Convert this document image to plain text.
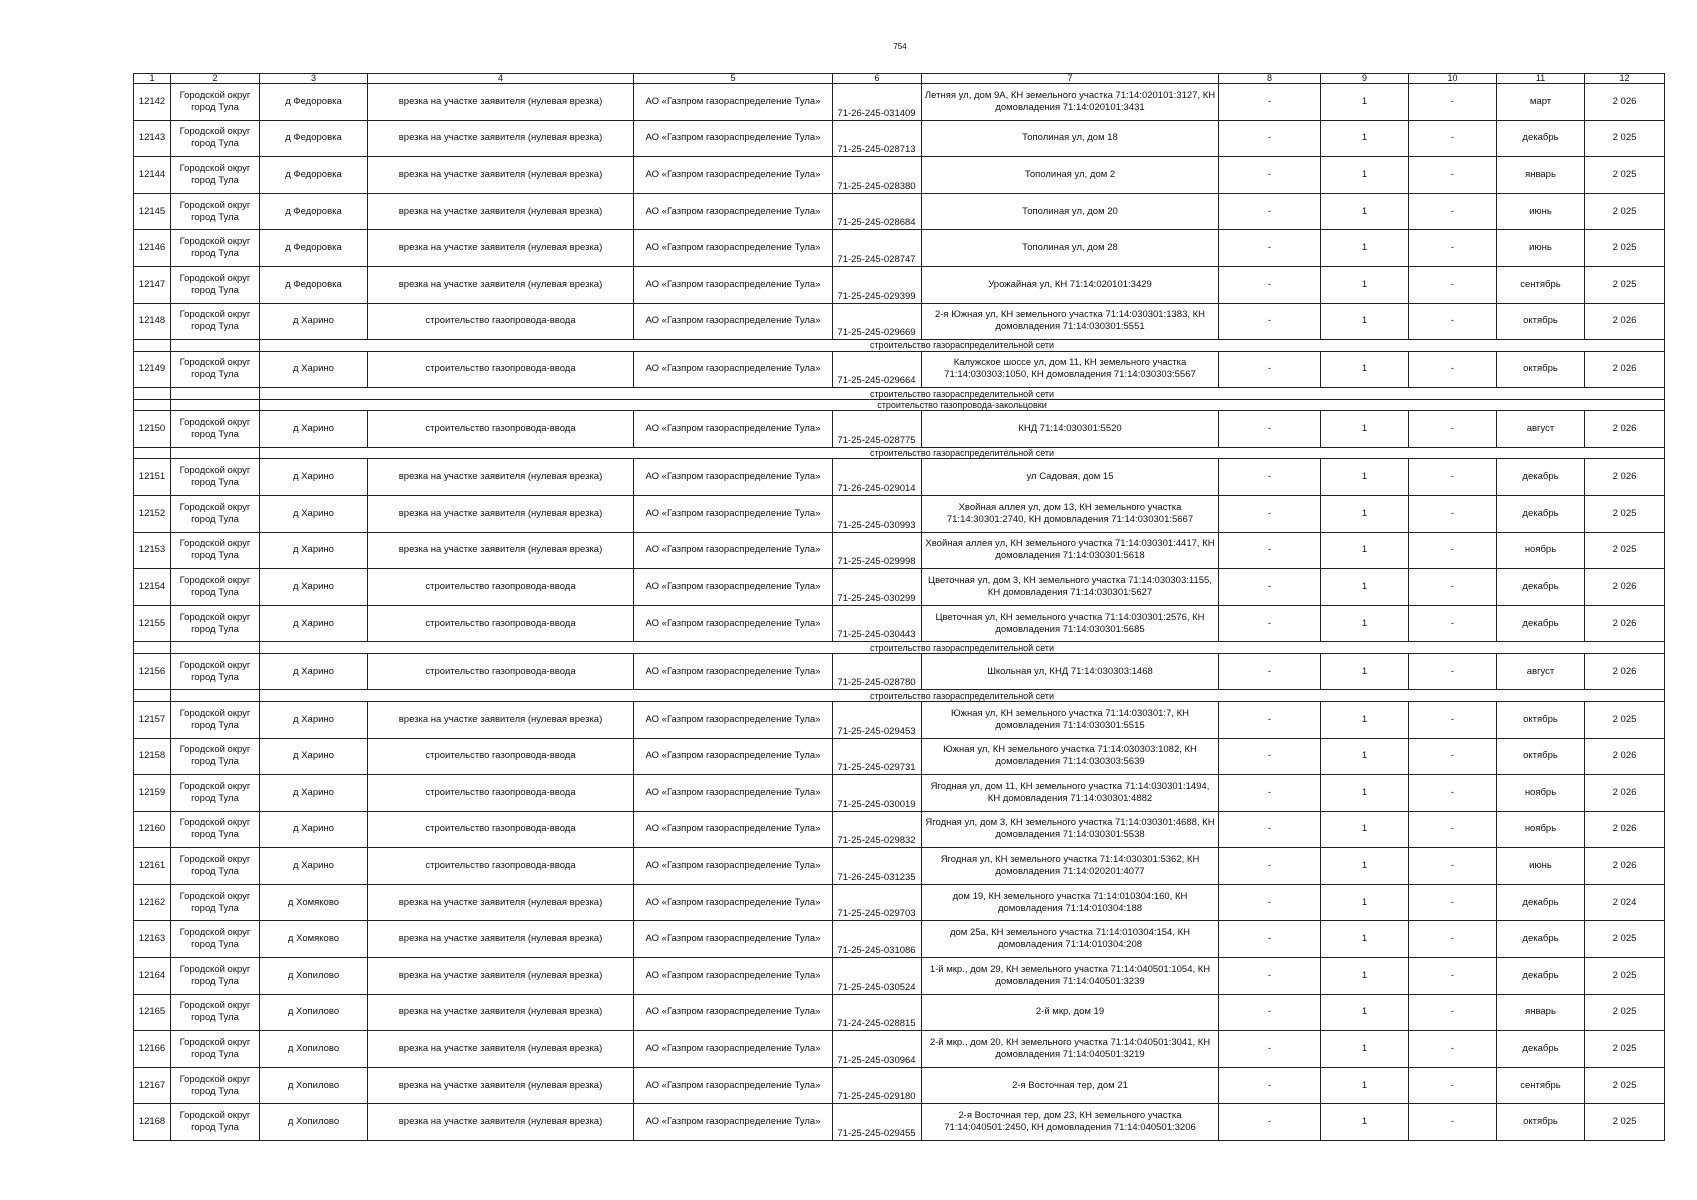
754
1	2	3	4	5	6	7	8	9	10	11	12
12142	Городской округ город Тула	д Федоровка	врезка на участке заявителя (нулевая врезка)	АО «Газпром газораспределение Тула»	71-26-245-031409	Летняя ул, дом 9А, КН земельного участка 71:14:020101:3127, КН домовладения 71:14:020101:3431	-	1	-	март	2 026
12143	Городской округ город Тула	д Федоровка	врезка на участке заявителя (нулевая врезка)	АО «Газпром газораспределение Тула»	71-25-245-028713	Тополиная ул, дом 18	-	1	-	декабрь	2 025
12144	Городской округ город Тула	д Федоровка	врезка на участке заявителя (нулевая врезка)	АО «Газпром газораспределение Тула»	71-25-245-028380	Тополиная ул, дом 2	-	1	-	январь	2 025
12145	Городской округ город Тула	д Федоровка	врезка на участке заявителя (нулевая врезка)	АО «Газпром газораспределение Тула»	71-25-245-028684	Тополиная ул, дом 20	-	1	-	июнь	2 025
12146	Городской округ город Тула	д Федоровка	врезка на участке заявителя (нулевая врезка)	АО «Газпром газораспределение Тула»	71-25-245-028747	Тополиная ул, дом 28	-	1	-	июнь	2 025
12147	Городской округ город Тула	д Федоровка	врезка на участке заявителя (нулевая врезка)	АО «Газпром газораспределение Тула»	71-25-245-029399	Урожайная ул, КН 71:14:020101:3429	-	1	-	сентябрь	2 025
12148	Городской округ город Тула	д Харино	строительство газопровода-ввода	АО «Газпром газораспределение Тула»	71-25-245-029669	2-я Южная ул, КН земельного участка 71:14:030301:1383, КН домовладения 71:14:030301:5551	-	1	-	октябрь	2 026
		строительство газораспределительной сети									
12149	Городской округ город Тула	д Харино	строительство газопровода-ввода	АО «Газпром газораспределение Тула»	71-25-245-029664	Калужское шоссе ул, дом 11, КН земельного участка 71:14:030303:1050, КН домовладения 71:14:030303:5567	-	1	-	октябрь	2 026
		строительство газораспределительной сети									
		строительство газопровода-закольцовки									
12150	Городской округ город Тула	д Харино	строительство газопровода-ввода	АО «Газпром газораспределение Тула»	71-25-245-028775	КНД 71:14:030301:5520	-	1	-	август	2 026
		строительство газораспределительной сети									
12151	Городской округ город Тула	д Харино	врезка на участке заявителя (нулевая врезка)	АО «Газпром газораспределение Тула»	71-26-245-029014	ул Садовая, дом 15	-	1	-	декабрь	2 026
12152	Городской округ город Тула	д Харино	врезка на участке заявителя (нулевая врезка)	АО «Газпром газораспределение Тула»	71-25-245-030993	Хвойная аллея ул, дом 13, КН земельного участка 71:14:30301:2740, КН домовладения 71:14:030301:5667	-	1	-	декабрь	2 025
12153	Городской округ город Тула	д Харино	врезка на участке заявителя (нулевая врезка)	АО «Газпром газораспределение Тула»	71-25-245-029998	Хвойная аллея ул, КН земельного участка 71:14:030301:4417, КН домовладения 71:14:030301:5618	-	1	-	ноябрь	2 025
12154	Городской округ город Тула	д Харино	строительство газопровода-ввода	АО «Газпром газораспределение Тула»	71-25-245-030299	Цветочная ул, дом 3, КН земельного участка 71:14:030303:1155, КН домовладения 71:14:030301:5627	-	1	-	декабрь	2 026
12155	Городской округ город Тула	д Харино	строительство газопровода-ввода	АО «Газпром газораспределение Тула»	71-25-245-030443	Цветочная ул, КН земельного участка 71:14:030301:2576, КН домовладения 71:14:030301:5685	-	1	-	декабрь	2 026
		строительство газораспределительной сети									
12156	Городской округ город Тула	д Харино	строительство газопровода-ввода	АО «Газпром газораспределение Тула»	71-25-245-028780	Школьная ул, КНД 71:14:030303:1468	-	1	-	август	2 026
		строительство газораспределительной сети									
12157	Городской округ город Тула	д Харино	врезка на участке заявителя (нулевая врезка)	АО «Газпром газораспределение Тула»	71-25-245-029453	Южная ул, КН земельного участка 71:14:030301:7, КН домовладения 71:14:030301:5515	-	1	-	октябрь	2 025
12158	Городской округ город Тула	д Харино	строительство газопровода-ввода	АО «Газпром газораспределение Тула»	71-25-245-029731	Южная ул, КН земельного участка 71:14:030303:1082, КН домовладения 71:14:030303:5639	-	1	-	октябрь	2 026
12159	Городской округ город Тула	д Харино	строительство газопровода-ввода	АО «Газпром газораспределение Тула»	71-25-245-030019	Ягодная ул, дом 11, КН земельного участка 71:14:030301:1494, КН домовладения 71:14:030301:4882	-	1	-	ноябрь	2 026
12160	Городской округ город Тула	д Харино	строительство газопровода-ввода	АО «Газпром газораспределение Тула»	71-25-245-029832	Ягодная ул, дом 3, КН земельного участка 71:14:030301:4688, КН домовладения 71:14:030301:5538	-	1	-	ноябрь	2 026
12161	Городской округ город Тула	д Харино	строительство газопровода-ввода	АО «Газпром газораспределение Тула»	71-26-245-031235	Ягодная ул, КН земельного участка 71:14:030301:5362, КН домовладения 71:14:020201:4077	-	1	-	июнь	2 026
12162	Городской округ город Тула	д Хомяково	врезка на участке заявителя (нулевая врезка)	АО «Газпром газораспределение Тула»	71-25-245-029703	дом 19, КН земельного участка 71:14:010304:160, КН домовладения 71:14:010304:188	-	1	-	декабрь	2 024
12163	Городской округ город Тула	д Хомяково	врезка на участке заявителя (нулевая врезка)	АО «Газпром газораспределение Тула»	71-25-245-031086	дом 25а, КН земельного участка 71:14:010304:154, КН домовладения 71:14:010304:208	-	1	-	декабрь	2 025
12164	Городской округ город Тула	д Хопилово	врезка на участке заявителя (нулевая врезка)	АО «Газпром газораспределение Тула»	71-25-245-030524	1-й мкр., дом 29, КН земельного участка 71:14:040501:1054, КН домовладения 71:14:040501:3239	-	1	-	декабрь	2 025
12165	Городской округ город Тула	д Хопилово	врезка на участке заявителя (нулевая врезка)	АО «Газпром газораспределение Тула»	71-24-245-028815	2-й мкр, дом 19	-	1	-	январь	2 025
12166	Городской округ город Тула	д Хопилово	врезка на участке заявителя (нулевая врезка)	АО «Газпром газораспределение Тула»	71-25-245-030964	2-й мкр., дом 20, КН земельного участка 71:14:040501:3041, КН домовладения 71:14:040501:3219	-	1	-	декабрь	2 025
12167	Городской округ город Тула	д Хопилово	врезка на участке заявителя (нулевая врезка)	АО «Газпром газораспределение Тула»	71-25-245-029180	2-я Восточная тер, дом 21	-	1	-	сентябрь	2 025
12168	Городской округ город Тула	д Хопилово	врезка на участке заявителя (нулевая врезка)	АО «Газпром газораспределение Тула»	71-25-245-029455	2-я Восточная тер, дом 23, КН земельного участка 71:14:040501:2450, КН домовладения 71:14:040501:3206	-	1	-	октябрь	2 025
